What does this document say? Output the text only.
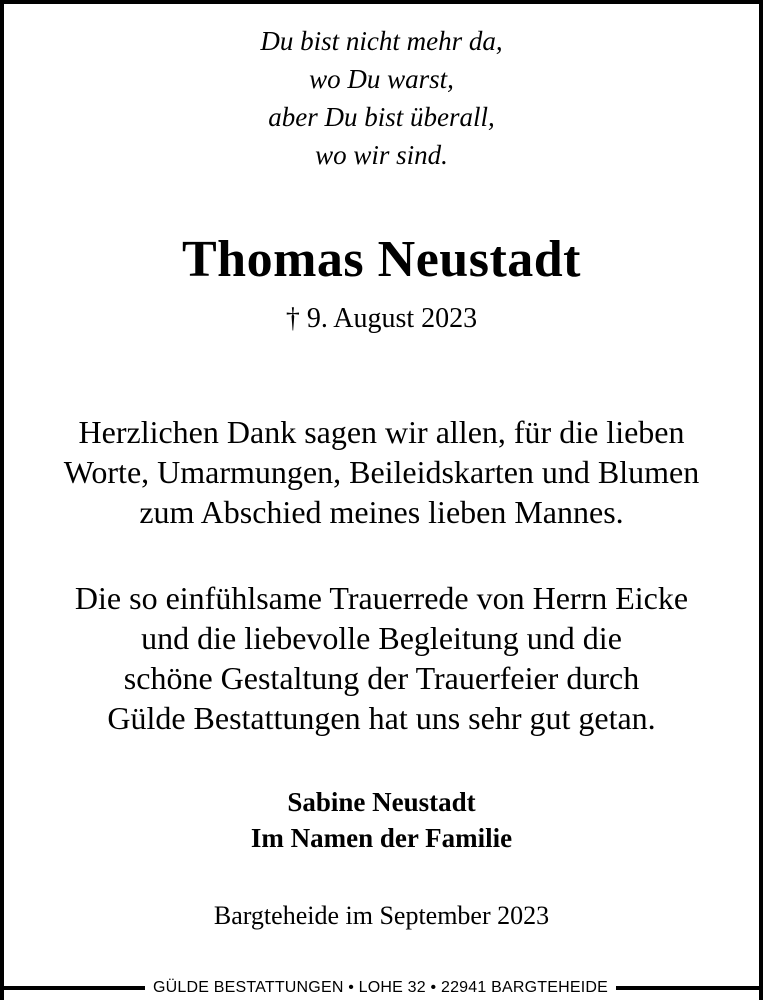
Du bist nicht mehr da,
wo Du warst,
aber Du bist überall,
wo wir sind.
Thomas Neustadt
† 9. August 2023
Herzlichen Dank sagen wir allen, für die lieben
Worte, Umarmungen, Beileidskarten und Blumen
zum Abschied meines lieben Mannes.
Die so einfühlsame Trauerrede von Herrn Eicke
und die liebevolle Begleitung und die
schöne Gestaltung der Trauerfeier durch
Gülde Bestattungen hat uns sehr gut getan.
Sabine Neustadt
Im Namen der Familie
Bargteheide im September 2023
GÜLDE BESTATTUNGEN • LOHE 32 • 22941 BARGTEHEIDE
